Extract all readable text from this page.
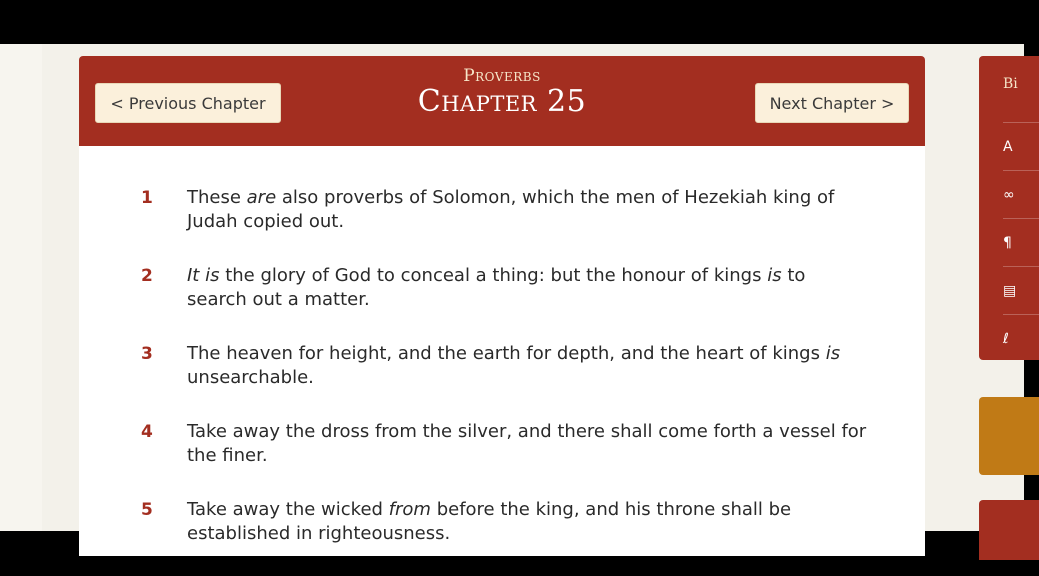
< Previous Chapter
Proverbs
Chapter 25	Next Chapter >
1 These are also proverbs of Solomon, which the men of Hezekiah king of Judah copied out.
2 It is the glory of God to conceal a thing: but the honour of kings is to search out a matter.
3 The heaven for height, and the earth for depth, and the heart of kings is unsearchable.
4 Take away the dross from the silver, and there shall come forth a vessel for the finer.
5 Take away the wicked from before the king, and his throne shall be established in righteousness.
Bi
A
∞
¶
▤
ℓ
